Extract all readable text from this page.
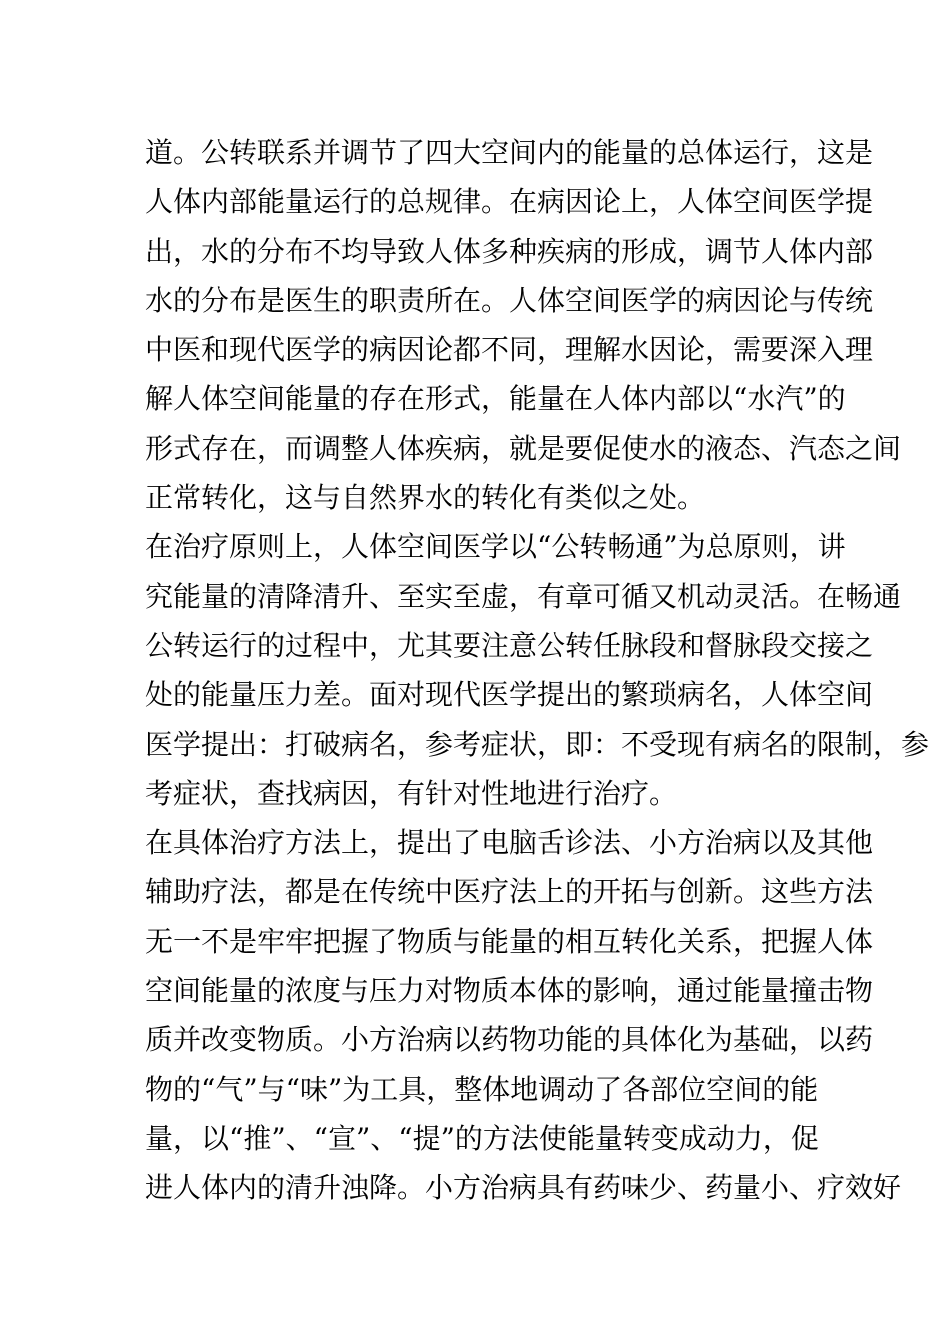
道。公转联系并调节了四大空间内的能量的总体运行，这是
人体内部能量运行的总规律。在病因论上，人体空间医学提
出，水的分布不均导致人体多种疾病的形成，调节人体内部
水的分布是医生的职责所在。人体空间医学的病因论与传统
中医和现代医学的病因论都不同，理解水因论，需要深入理
解人体空间能量的存在形式，能量在人体内部以“水汽”的
形式存在，而调整人体疾病，就是要促使水的液态、汽态之间
正常转化，这与自然界水的转化有类似之处。
在治疗原则上，人体空间医学以“公转畅通”为总原则，讲
究能量的清降清升、至实至虚，有章可循又机动灵活。在畅通
公转运行的过程中，尤其要注意公转任脉段和督脉段交接之
处的能量压力差。面对现代医学提出的繁琐病名，人体空间
医学提出：打破病名，参考症状，即：不受现有病名的限制，参
考症状，查找病因，有针对性地进行治疗。
在具体治疗方法上，提出了电脑舌诊法、小方治病以及其他
辅助疗法，都是在传统中医疗法上的开拓与创新。这些方法
无一不是牢牢把握了物质与能量的相互转化关系，把握人体
空间能量的浓度与压力对物质本体的影响，通过能量撞击物
质并改变物质。小方治病以药物功能的具体化为基础，以药
物的“气”与“味”为工具，整体地调动了各部位空间的能
量，以“推”、“宣”、“提”的方法使能量转变成动力，促
进人体内的清升浊降。小方治病具有药味少、药量小、疗效好
